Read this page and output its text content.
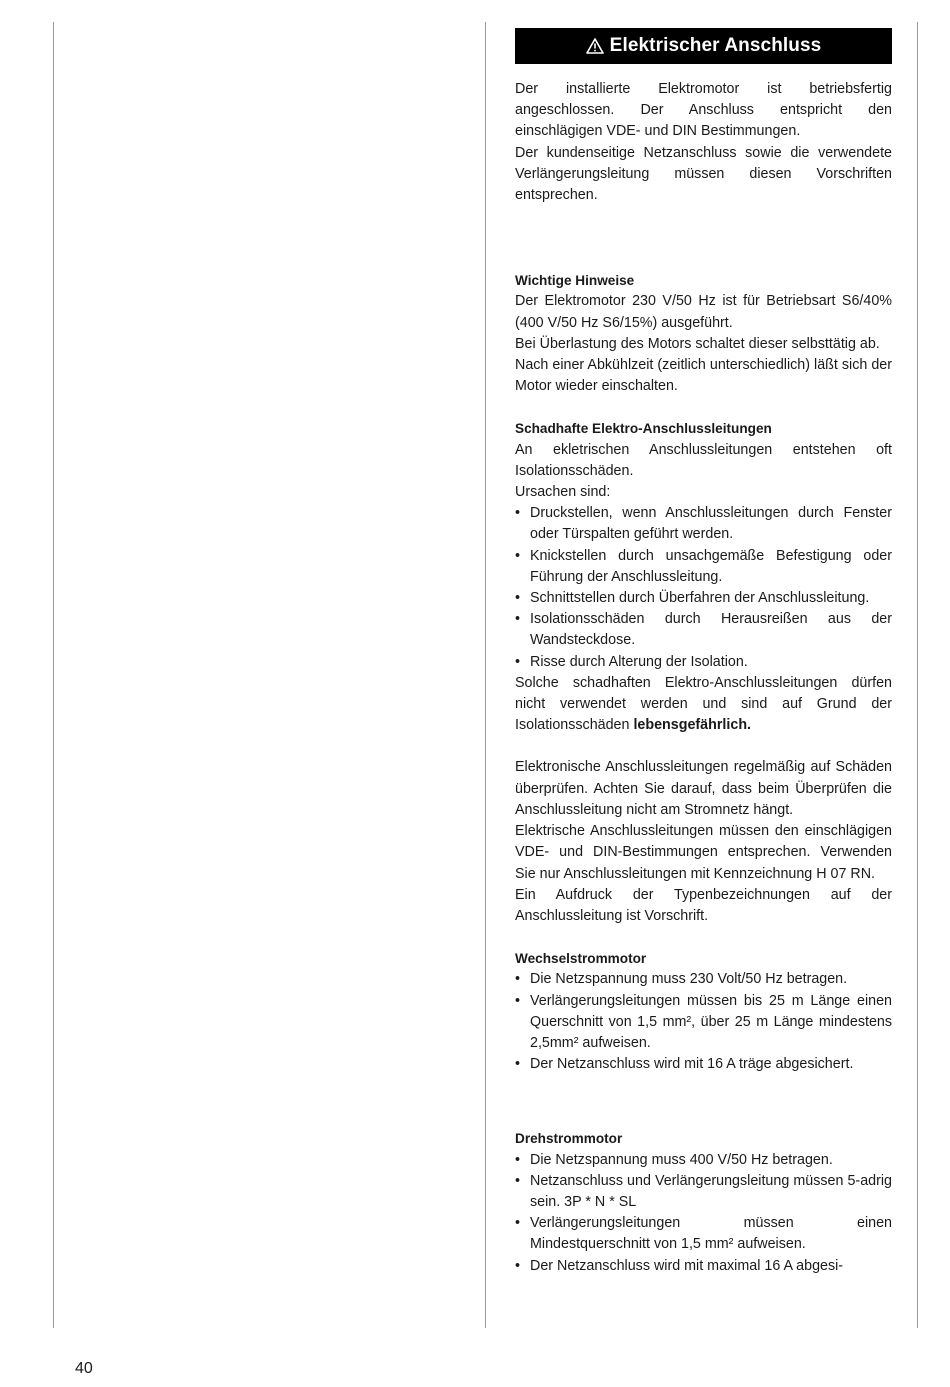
Elektrischer Anschluss

Der installierte Elektromotor ist betriebsfertig angeschlossen. Der Anschluss entspricht den einschlägigen VDE- und DIN Bestimmungen.

Der kundenseitige Netzanschluss sowie die verwendete Verlängerungsleitung müssen diesen Vorschriften entsprechen.

Wichtige Hinweise

Der Elektromotor 230 V/50 Hz ist für Betriebsart S6/40% (400 V/50 Hz S6/15%) ausgeführt.

Bei Überlastung des Motors schaltet dieser selbsttätig ab.

Nach einer Abkühlzeit (zeitlich unterschiedlich) läßt sich der Motor wieder einschalten.

Schadhafte Elektro-Anschlussleitungen

An ekletrischen Anschlussleitungen entstehen oft Isolationsschäden.

Ursachen sind:

• Druckstellen, wenn Anschlussleitungen durch Fenster oder Türspalten geführt werden.
• Knickstellen durch unsachgemäße Befestigung oder Führung der Anschlussleitung.
• Schnittstellen durch Überfahren der Anschlussleitung.
• Isolationsschäden durch Herausreißen aus der Wandsteckdose.
• Risse durch Alterung der Isolation.

Solche schadhaften Elektro-Anschlussleitungen dürfen nicht verwendet werden und sind auf Grund der Isolationsschäden lebensgefährlich.

Elektronische Anschlussleitungen regelmäßig auf Schäden überprüfen. Achten Sie darauf, dass beim Überprüfen die Anschlussleitung nicht am Stromnetz hängt.

Elektrische Anschlussleitungen müssen den einschlägigen VDE- und DIN-Bestimmungen entsprechen. Verwenden Sie nur Anschlussleitungen mit Kennzeichnung H 07 RN.

Ein Aufdruck der Typenbezeichnungen auf der Anschlussleitung ist Vorschrift.

Wechselstrommotor

• Die Netzspannung muss 230 Volt/50 Hz betragen.
• Verlängerungsleitungen müssen bis 25 m Länge einen Querschnitt von 1,5 mm², über 25 m Länge mindestens 2,5mm² aufweisen.
• Der Netzanschluss wird mit 16 A träge abgesichert.

Drehstrommotor

• Die Netzspannung muss 400 V/50 Hz betragen.
• Netzanschluss und Verlängerungsleitung müssen 5-adrig sein. 3P * N * SL
• Verlängerungsleitungen müssen einen Mindestquerschnitt von 1,5 mm² aufweisen.
• Der Netzanschluss wird mit maximal 16 A abgesi-
40
